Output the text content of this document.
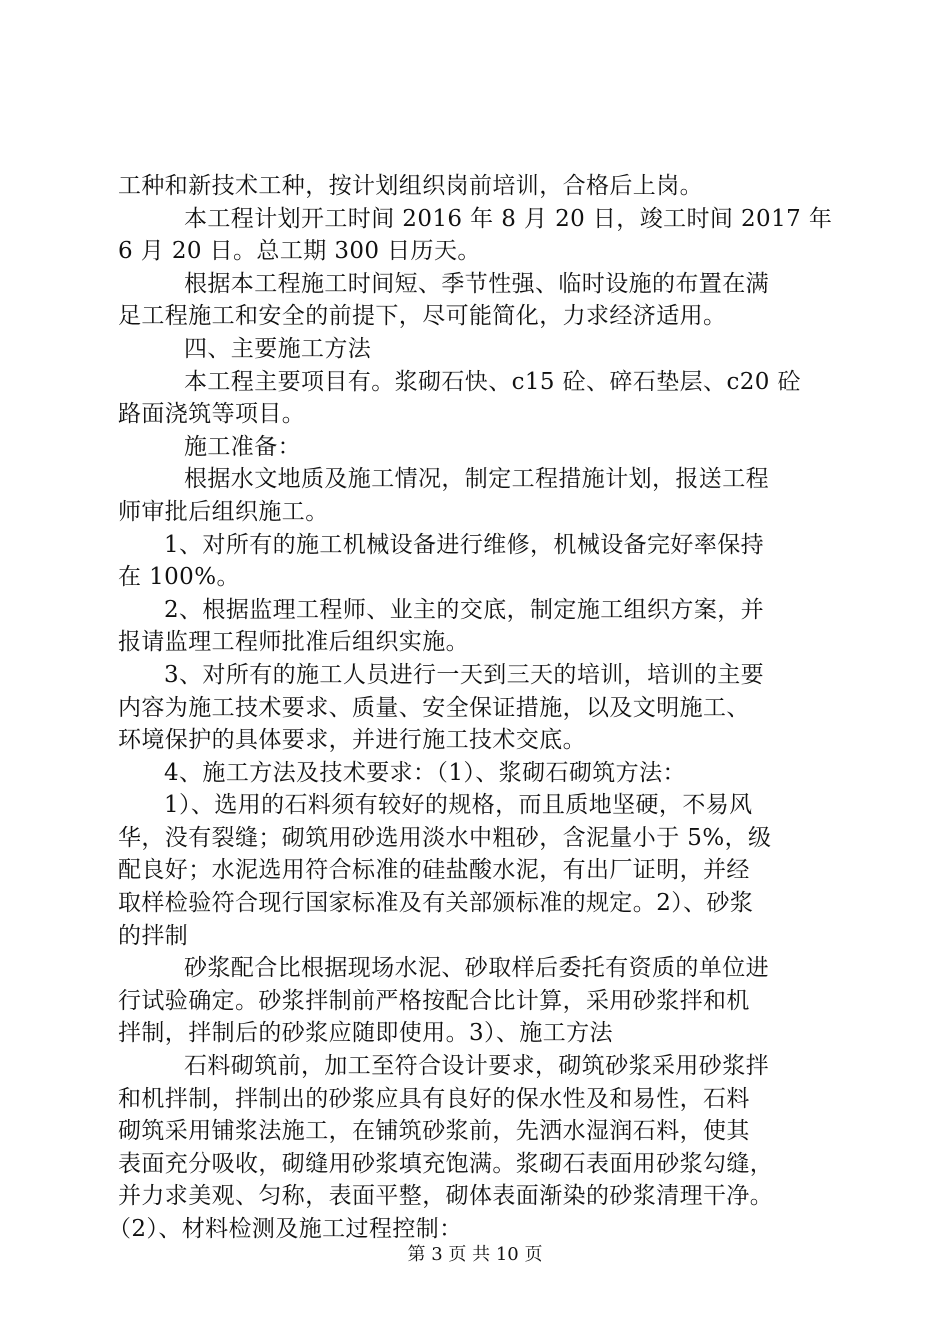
工种和新技术工种，按计划组织岗前培训，合格后上岗。
本工程计划开工时间 2016 年 8 月 20 日，竣工时间 2017 年
6 月 20 日。总工期 300 日历天。
根据本工程施工时间短、季节性强、临时设施的布置在满
足工程施工和安全的前提下，尽可能简化，力求经济适用。
四、主要施工方法
本工程主要项目有。浆砌石快、c15 砼、碎石垫层、c20 砼
路面浇筑等项目。
施工准备：
根据水文地质及施工情况，制定工程措施计划，报送工程
师审批后组织施工。
1、对所有的施工机械设备进行维修，机械设备完好率保持
在 100%。
2、根据监理工程师、业主的交底，制定施工组织方案，并
报请监理工程师批准后组织实施。
3、对所有的施工人员进行一天到三天的培训，培训的主要
内容为施工技术要求、质量、安全保证措施，以及文明施工、
环境保护的具体要求，并进行施工技术交底。
4、施工方法及技术要求：（1）、浆砌石砌筑方法：
1）、选用的石料须有较好的规格，而且质地坚硬，不易风
华，没有裂缝；砌筑用砂选用淡水中粗砂，含泥量小于 5%，级
配良好；水泥选用符合标准的硅盐酸水泥，有出厂证明，并经
取样检验符合现行国家标准及有关部颁标准的规定。2）、砂浆
的拌制
砂浆配合比根据现场水泥、砂取样后委托有资质的单位进
行试验确定。砂浆拌制前严格按配合比计算，采用砂浆拌和机
拌制，拌制后的砂浆应随即使用。3）、施工方法
石料砌筑前，加工至符合设计要求，砌筑砂浆采用砂浆拌
和机拌制，拌制出的砂浆应具有良好的保水性及和易性，石料
砌筑采用铺浆法施工，在铺筑砂浆前，先洒水湿润石料，使其
表面充分吸收，砌缝用砂浆填充饱满。浆砌石表面用砂浆勾缝，
并力求美观、匀称，表面平整，砌体表面渐染的砂浆清理干净。
（2）、材料检测及施工过程控制：
第 3 页 共 10 页
